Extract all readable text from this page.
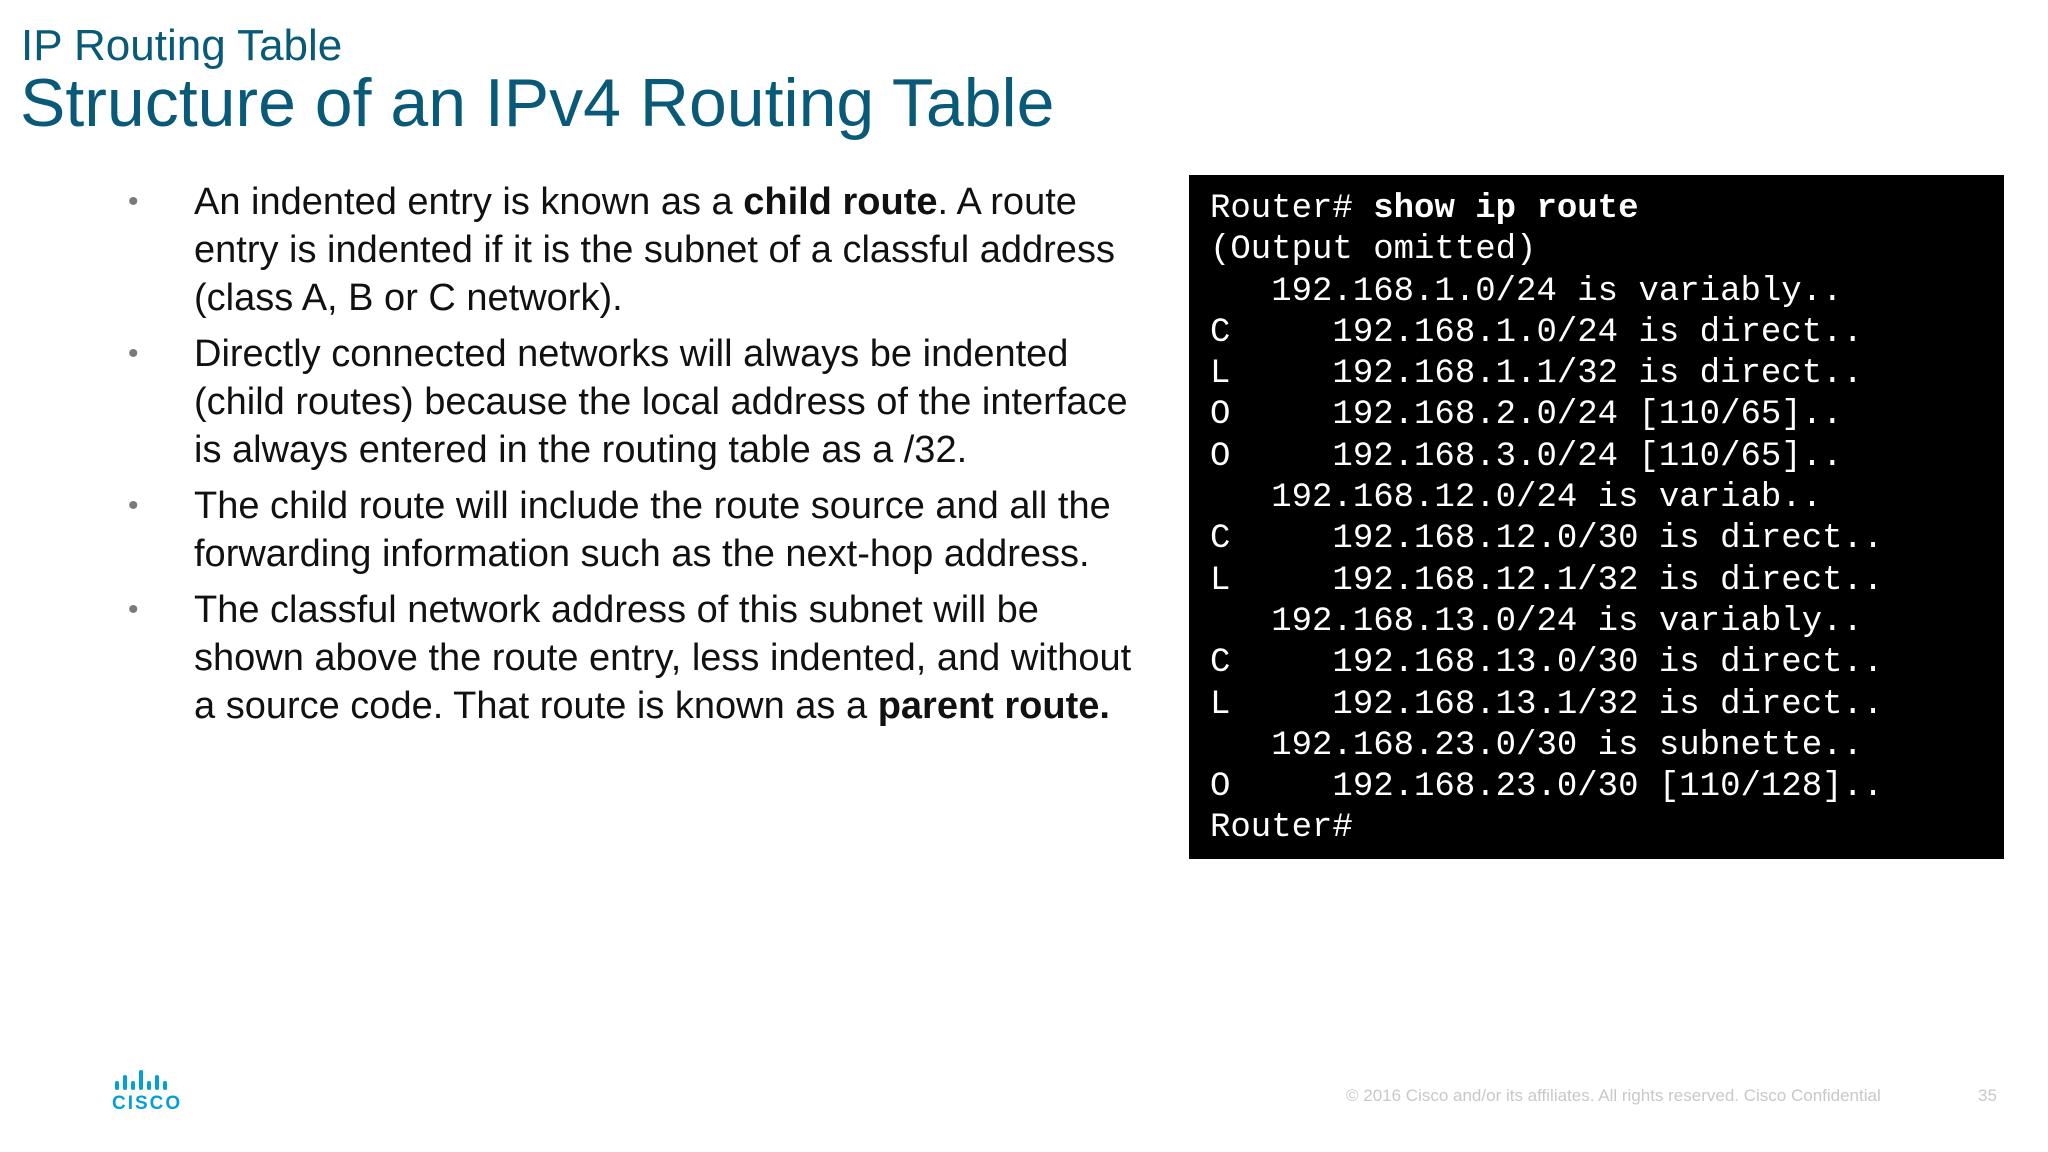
IP Routing Table
Structure of an IPv4 Routing Table
• An indented entry is known as a child route. A route entry is indented if it is the subnet of a classful address (class A, B or C network).
• Directly connected networks will always be indented (child routes) because the local address of the interface is always entered in the routing table as a /32.
• The child route will include the route source and all the forwarding information such as the next-hop address.
• The classful network address of this subnet will be shown above the route entry, less indented, and without a source code. That route is known as a parent route.
Router# show ip route
(Output omitted)
192.168.1.0/24 is variably..
C     192.168.1.0/24 is direct..
L     192.168.1.1/32 is direct..
O     192.168.2.0/24 [110/65]..
O     192.168.3.0/24 [110/65]..
192.168.12.0/24 is variab..
C     192.168.12.0/30 is direct..
L     192.168.12.1/32 is direct..
192.168.13.0/24 is variably..
C     192.168.13.0/30 is direct..
L     192.168.13.1/32 is direct..
192.168.23.0/30 is subnette..
O     192.168.23.0/30 [110/128]..
Router#
CISCO	© 2016 Cisco and/or its affiliates. All rights reserved. Cisco Confidential	35
